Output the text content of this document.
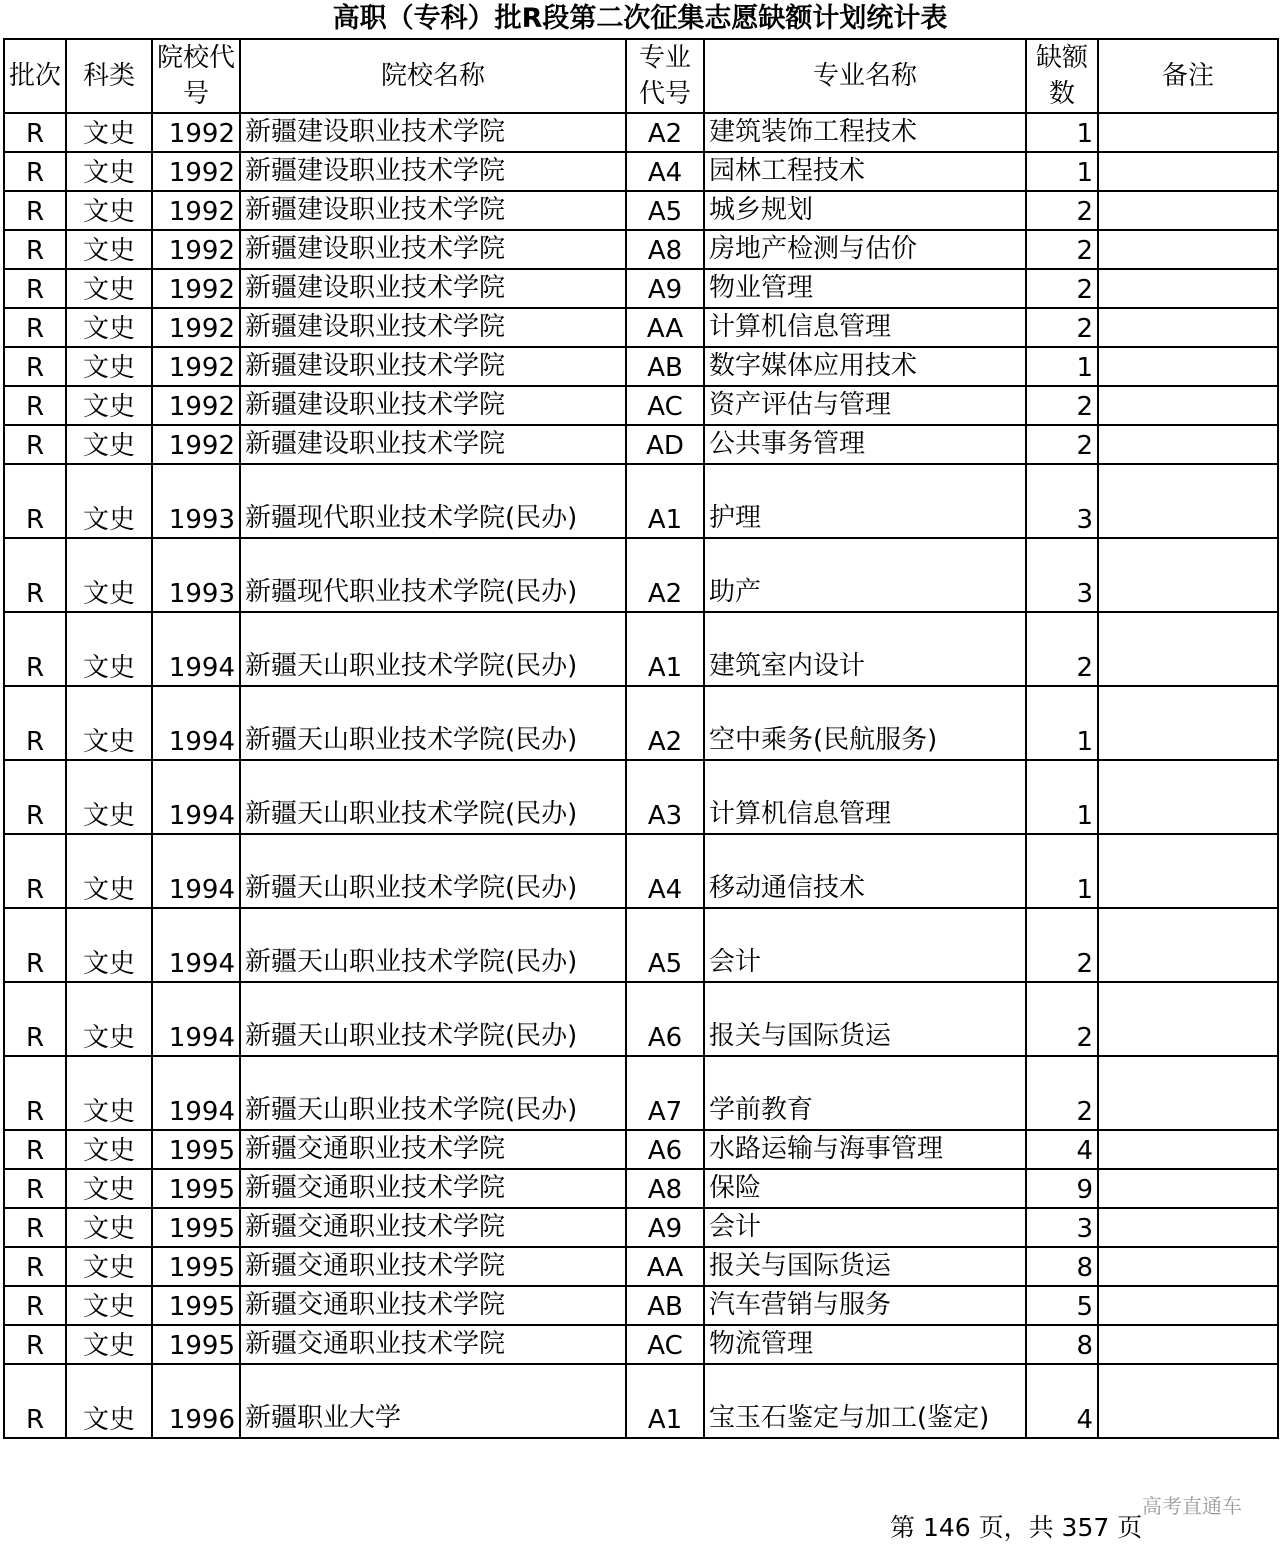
高职（专科）批R段第二次征集志愿缺额计划统计表
批次	科类	院校代号	院校名称	专业代号	专业名称	缺额数	备注
R	文史	1992	新疆建设职业技术学院	A2	建筑装饰工程技术	1	
R	文史	1992	新疆建设职业技术学院	A4	园林工程技术	1	
R	文史	1992	新疆建设职业技术学院	A5	城乡规划	2	
R	文史	1992	新疆建设职业技术学院	A8	房地产检测与估价	2	
R	文史	1992	新疆建设职业技术学院	A9	物业管理	2	
R	文史	1992	新疆建设职业技术学院	AA	计算机信息管理	2	
R	文史	1992	新疆建设职业技术学院	AB	数字媒体应用技术	1	
R	文史	1992	新疆建设职业技术学院	AC	资产评估与管理	2	
R	文史	1992	新疆建设职业技术学院	AD	公共事务管理	2	
R	文史	1993	新疆现代职业技术学院(民办)	A1	护理	3	
R	文史	1993	新疆现代职业技术学院(民办)	A2	助产	3	
R	文史	1994	新疆天山职业技术学院(民办)	A1	建筑室内设计	2	
R	文史	1994	新疆天山职业技术学院(民办)	A2	空中乘务(民航服务)	1	
R	文史	1994	新疆天山职业技术学院(民办)	A3	计算机信息管理	1	
R	文史	1994	新疆天山职业技术学院(民办)	A4	移动通信技术	1	
R	文史	1994	新疆天山职业技术学院(民办)	A5	会计	2	
R	文史	1994	新疆天山职业技术学院(民办)	A6	报关与国际货运	2	
R	文史	1994	新疆天山职业技术学院(民办)	A7	学前教育	2	
R	文史	1995	新疆交通职业技术学院	A6	水路运输与海事管理	4	
R	文史	1995	新疆交通职业技术学院	A8	保险	9	
R	文史	1995	新疆交通职业技术学院	A9	会计	3	
R	文史	1995	新疆交通职业技术学院	AA	报关与国际货运	8	
R	文史	1995	新疆交通职业技术学院	AB	汽车营销与服务	5	
R	文史	1995	新疆交通职业技术学院	AC	物流管理	8	
R	文史	1996	新疆职业大学	A1	宝玉石鉴定与加工(鉴定)	4	
高考直通车
第 146 页，共 357 页
